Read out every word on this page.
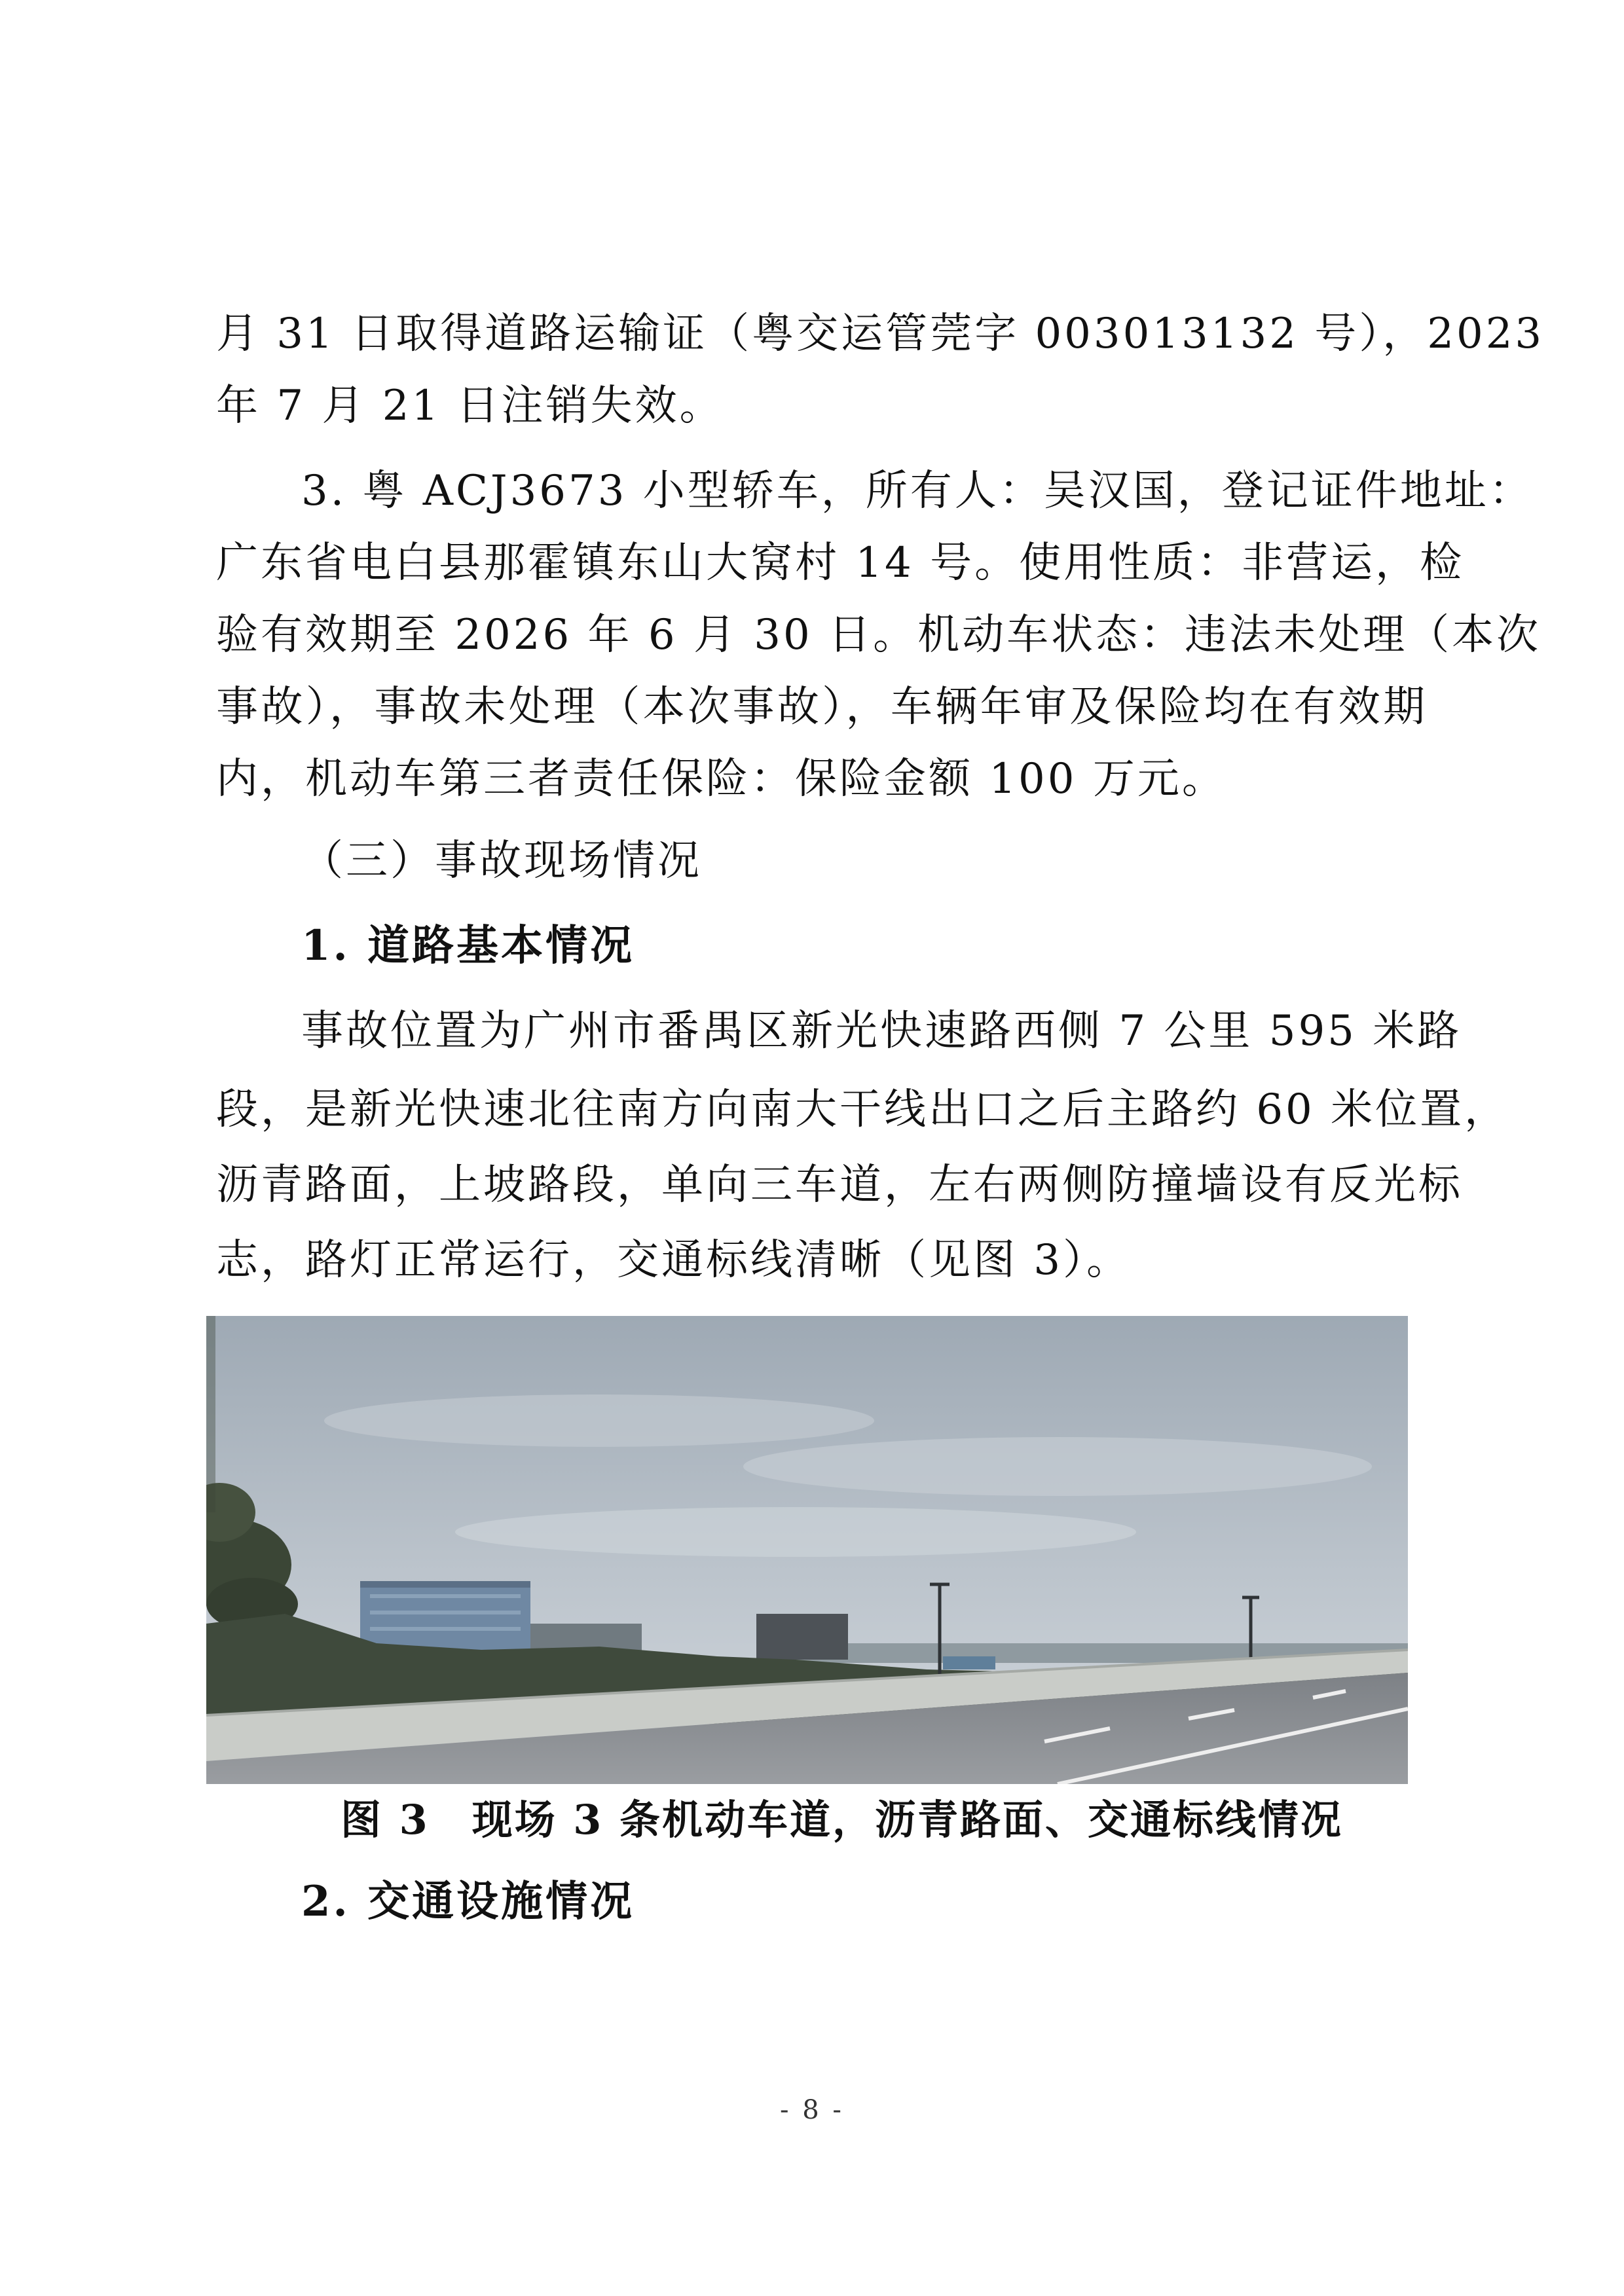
月 31 日取得道路运输证（粤交运管莞字 003013132 号），2023
年 7 月 21 日注销失效。
3. 粤 ACJ3673 小型轿车，所有人：吴汉国，登记证件地址：
广东省电白县那霍镇东山大窝村 14 号。使用性质：非营运，检
验有效期至 2026 年 6 月 30 日。机动车状态：违法未处理（本次
事故），事故未处理（本次事故），车辆年审及保险均在有效期
内，机动车第三者责任保险：保险金额 100 万元。
（三）事故现场情况
1. 道路基本情况
事故位置为广州市番禺区新光快速路西侧 7 公里 595 米路
段，是新光快速北往南方向南大干线出口之后主路约 60 米位置，
沥青路面，上坡路段，单向三车道，左右两侧防撞墙设有反光标
志，路灯正常运行，交通标线清晰（见图 3）。
图 3　现场 3 条机动车道，沥青路面、交通标线情况
2. 交通设施情况
- 8 -
